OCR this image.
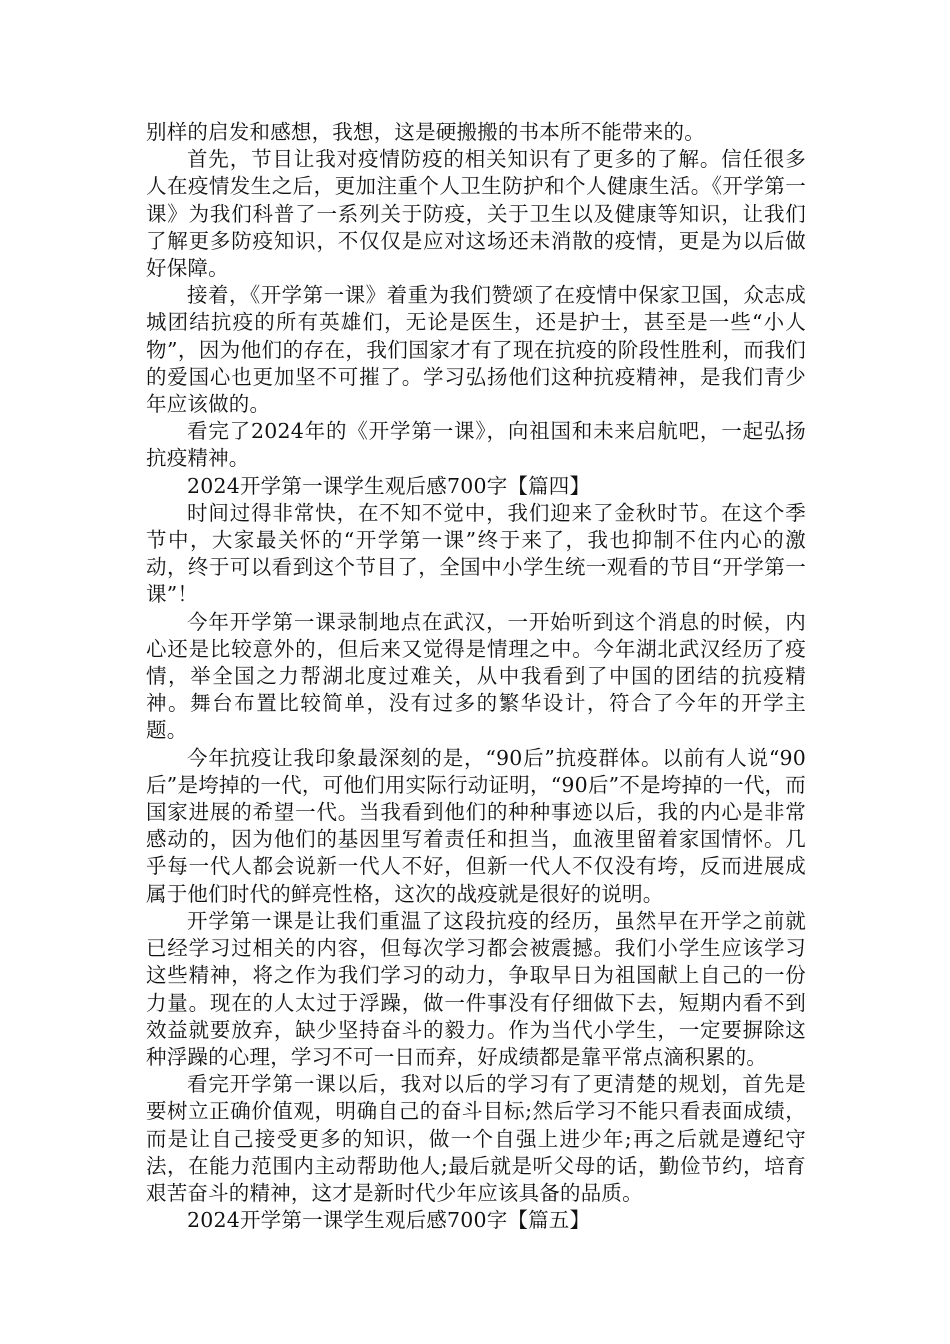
别样的启发和感想，我想，这是硬搬搬的书本所不能带来的。

首先，节目让我对疫情防疫的相关知识有了更多的了解。信任很多人在疫情发生之后，更加注重个人卫生防护和个人健康生活。《开学第一课》为我们科普了一系列关于防疫，关于卫生以及健康等知识，让我们了解更多防疫知识，不仅仅是应对这场还未消散的疫情，更是为以后做好保障。

接着，《开学第一课》着重为我们赞颂了在疫情中保家卫国，众志成城团结抗疫的所有英雄们，无论是医生，还是护士，甚至是一些“小人物”，因为他们的存在，我们国家才有了现在抗疫的阶段性胜利，而我们的爱国心也更加坚不可摧了。学习弘扬他们这种抗疫精神，是我们青少年应该做的。

看完了2024年的《开学第一课》，向祖国和未来启航吧，一起弘扬抗疫精神。

2024开学第一课学生观后感700字【篇四】

时间过得非常快，在不知不觉中，我们迎来了金秋时节。在这个季节中，大家最关怀的“开学第一课”终于来了，我也抑制不住内心的激动，终于可以看到这个节目了，全国中小学生统一观看的节目“开学第一课”！

今年开学第一课录制地点在武汉，一开始听到这个消息的时候，内心还是比较意外的，但后来又觉得是情理之中。今年湖北武汉经历了疫情，举全国之力帮湖北度过难关，从中我看到了中国的团结的抗疫精神。舞台布置比较简单，没有过多的繁华设计，符合了今年的开学主题。

今年抗疫让我印象最深刻的是，“90后”抗疫群体。以前有人说“90后”是垮掉的一代，可他们用实际行动证明，“90后”不是垮掉的一代，而国家进展的希望一代。当我看到他们的种种事迹以后，我的内心是非常感动的，因为他们的基因里写着责任和担当，血液里留着家国情怀。几乎每一代人都会说新一代人不好，但新一代人不仅没有垮，反而进展成属于他们时代的鲜亮性格，这次的战疫就是很好的说明。

开学第一课是让我们重温了这段抗疫的经历，虽然早在开学之前就已经学习过相关的内容，但每次学习都会被震撼。我们小学生应该学习这些精神，将之作为我们学习的动力，争取早日为祖国献上自己的一份力量。现在的人太过于浮躁，做一件事没有仔细做下去，短期内看不到效益就要放弃，缺少坚持奋斗的毅力。作为当代小学生，一定要摒除这种浮躁的心理，学习不可一日而弃，好成绩都是靠平常点滴积累的。

看完开学第一课以后，我对以后的学习有了更清楚的规划，首先是要树立正确价值观，明确自己的奋斗目标;然后学习不能只看表面成绩，而是让自己接受更多的知识，做一个自强上进少年;再之后就是遵纪守法，在能力范围内主动帮助他人;最后就是听父母的话，勤俭节约，培育艰苦奋斗的精神，这才是新时代少年应该具备的品质。

2024开学第一课学生观后感700字【篇五】
